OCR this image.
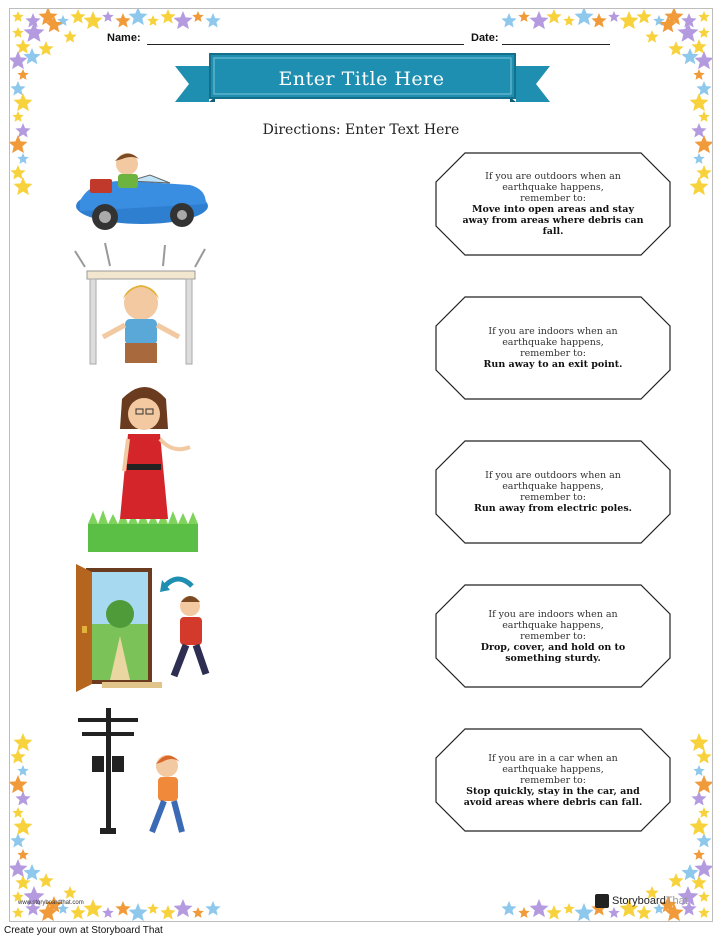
Name:	Date:
Enter Title Here
Directions: Enter Text Here
If you are outdoors when an
earthquake happens,
remember to:
Move into open areas and stay away from areas where debris can fall.
If you are indoors when an
earthquake happens,
remember to:
Run away to an exit point.
If you are outdoors when an
earthquake happens,
remember to:
Run away from electric poles.
If you are indoors when an
earthquake happens,
remember to:
Drop, cover, and hold on to something sturdy.
If you are in a car when an
earthquake happens,
remember to:
Stop quickly, stay in the car, and avoid areas where debris can fall.
www.storyboardthat.com	Storyboard That
Create your own at Storyboard That
